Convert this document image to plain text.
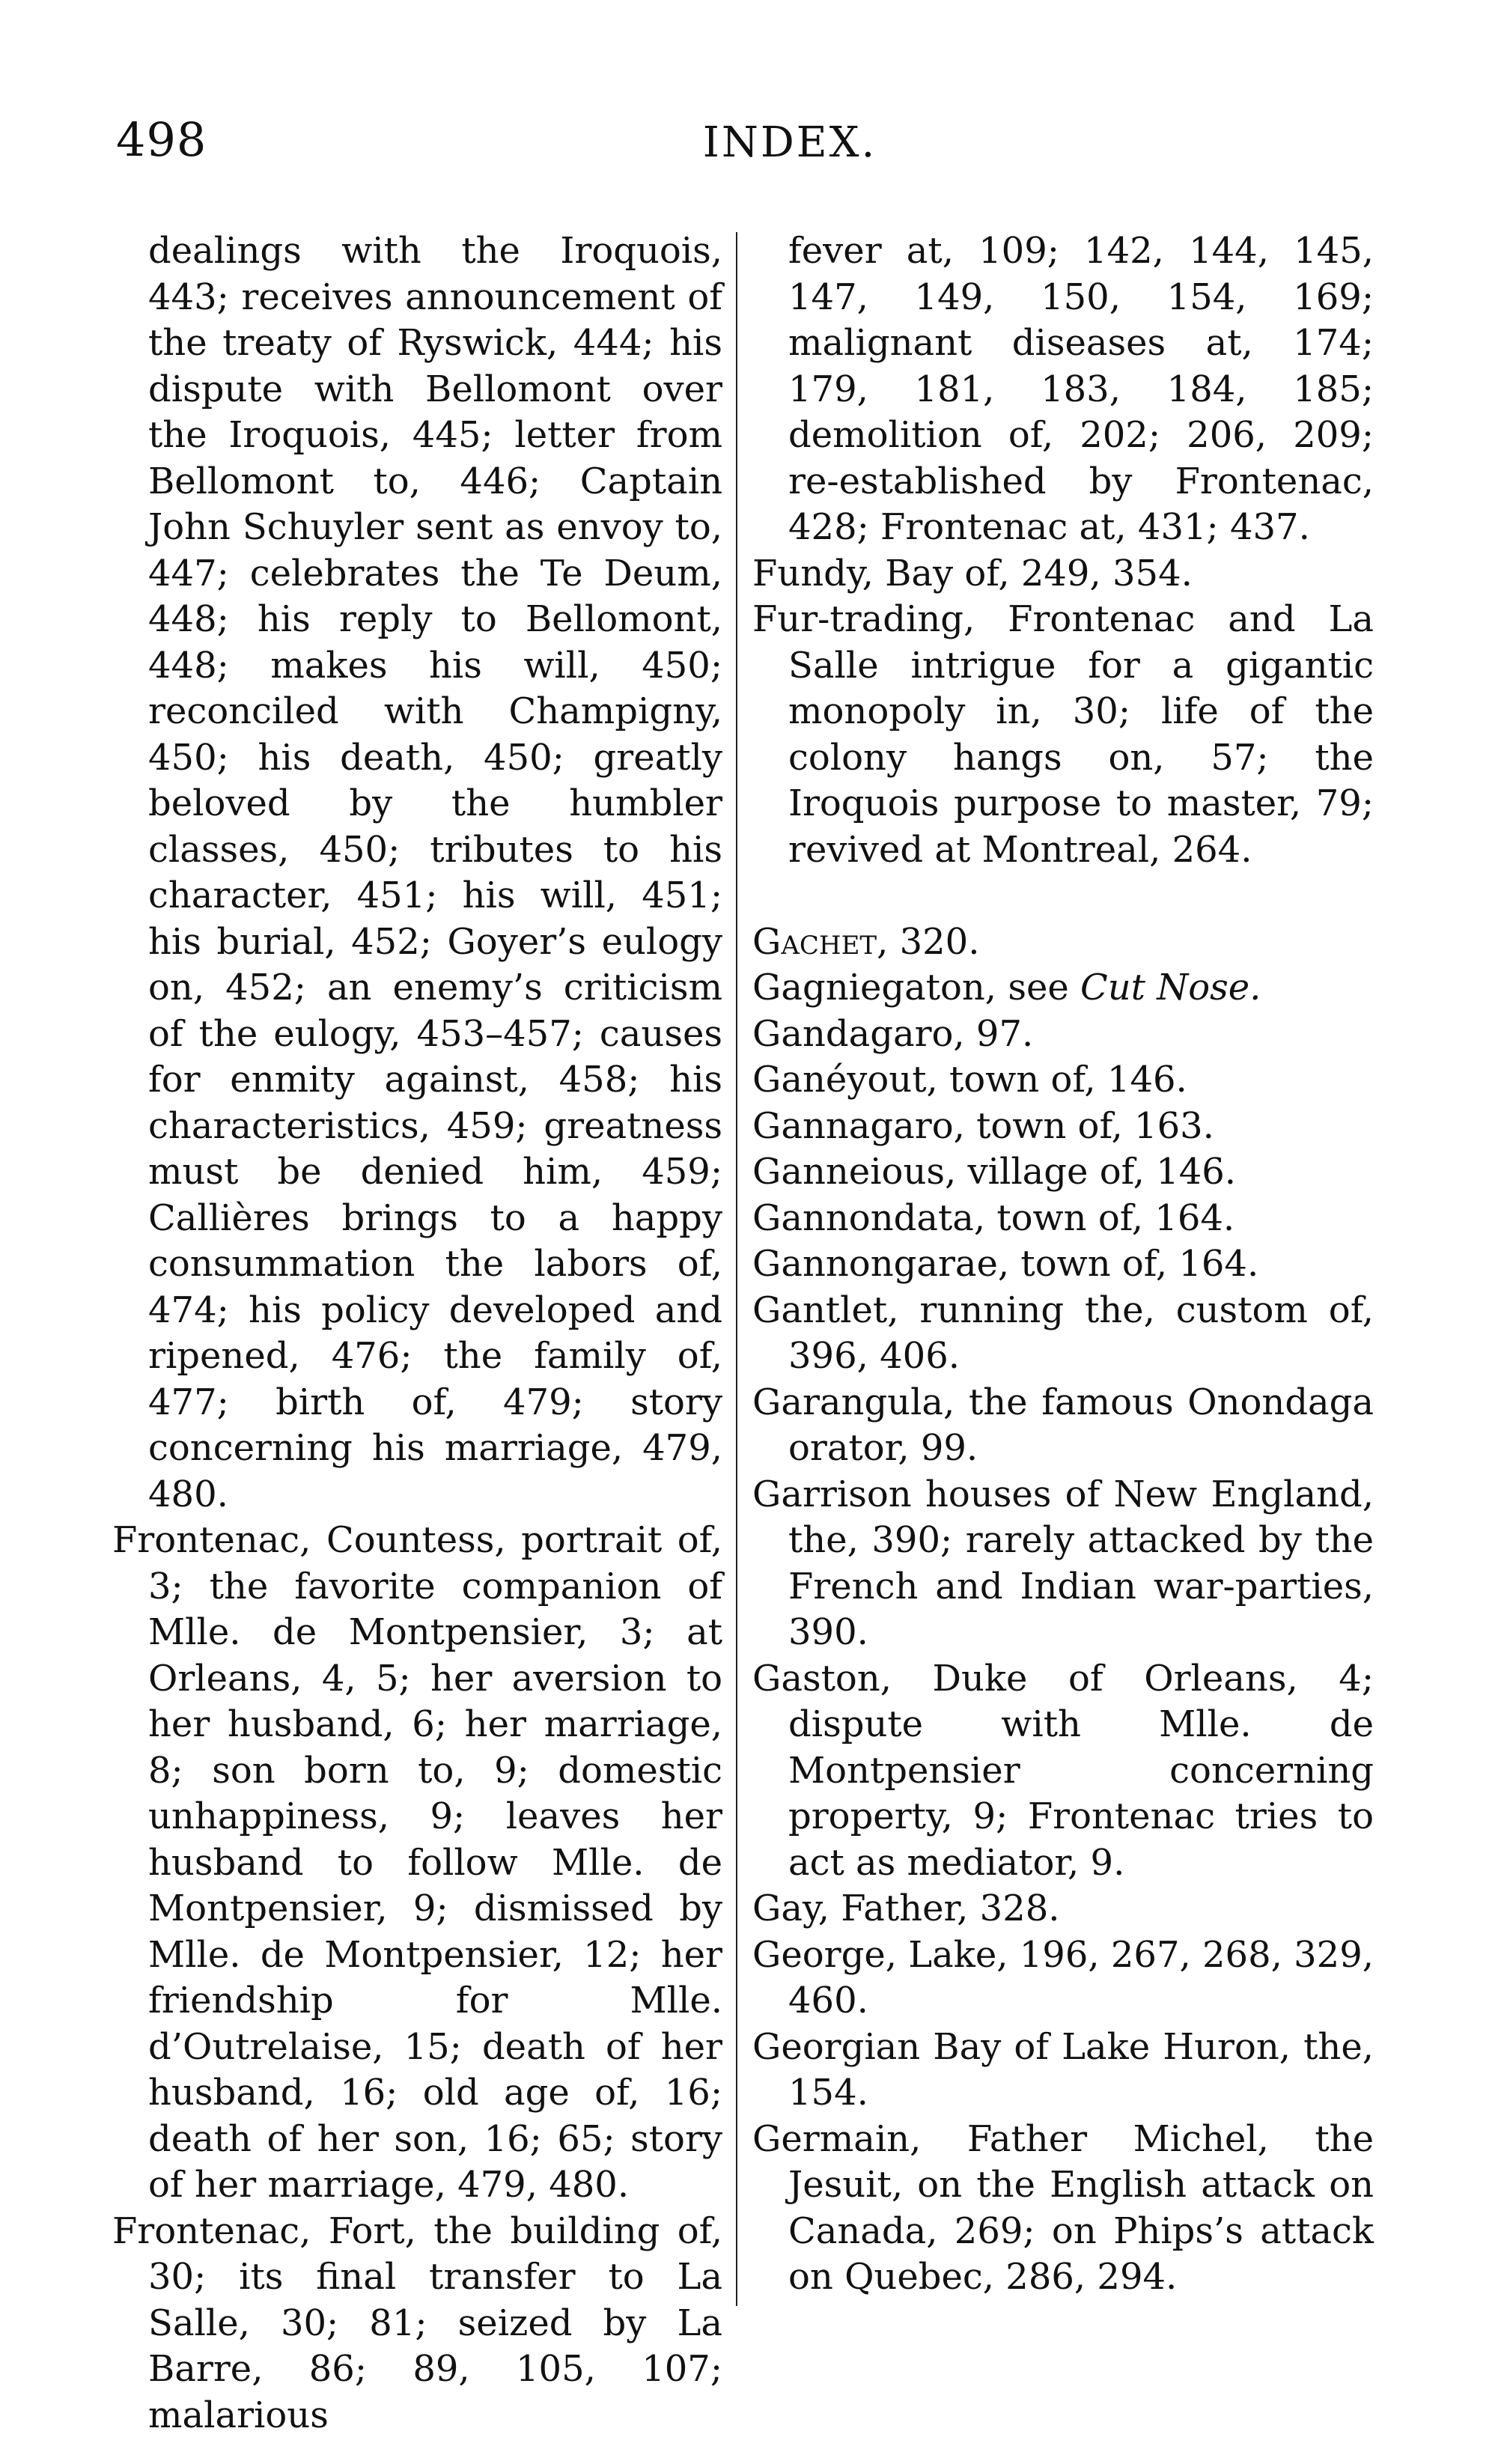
498	INDEX.

dealings with the Iroquois, 443; receives announcement of the treaty of Ryswick, 444; his dispute with Bellomont over the Iroquois, 445; letter from Bellomont to, 446; Captain John Schuyler sent as envoy to, 447; celebrates the Te Deum, 448; his reply to Bellomont, 448; makes his will, 450; reconciled with Champigny, 450; his death, 450; greatly beloved by the humbler classes, 450; tributes to his character, 451; his will, 451; his burial, 452; Goyer’s eulogy on, 452; an enemy’s criticism of the eulogy, 453–457; causes for enmity against, 458; his characteristics, 459; greatness must be denied him, 459; Callières brings to a happy consummation the labors of, 474; his policy developed and ripened, 476; the family of, 477; birth of, 479; story concerning his marriage, 479, 480.

Frontenac, Countess, portrait of, 3; the favorite companion of Mlle. de Montpensier, 3; at Orleans, 4, 5; her aversion to her husband, 6; her marriage, 8; son born to, 9; domestic unhappiness, 9; leaves her husband to follow Mlle. de Montpensier, 9; dismissed by Mlle. de Montpensier, 12; her friendship for Mlle. d’Outrelaise, 15; death of her husband, 16; old age of, 16; death of her son, 16; 65; story of her marriage, 479, 480.

Frontenac, Fort, the building of, 30; its final transfer to La Salle, 30; 81; seized by La Barre, 86; 89, 105, 107; malarious

fever at, 109; 142, 144, 145, 147, 149, 150, 154, 169; malignant diseases at, 174; 179, 181, 183, 184, 185; demolition of, 202; 206, 209; re-established by Frontenac, 428; Frontenac at, 431; 437.

Fundy, Bay of, 249, 354.

Fur-trading, Frontenac and La Salle intrigue for a gigantic monopoly in, 30; life of the colony hangs on, 57; the Iroquois purpose to master, 79; revived at Montreal, 264.

Gachet, 320.

Gagniegaton, see Cut Nose.

Gandagaro, 97.

Ganéyout, town of, 146.

Gannagaro, town of, 163.

Ganneious, village of, 146.

Gannondata, town of, 164.

Gannongarae, town of, 164.

Gantlet, running the, custom of, 396, 406.

Garangula, the famous Onondaga orator, 99.

Garrison houses of New England, the, 390; rarely attacked by the French and Indian war-parties, 390.

Gaston, Duke of Orleans, 4; dispute with Mlle. de Montpensier concerning property, 9; Frontenac tries to act as mediator, 9.

Gay, Father, 328.

George, Lake, 196, 267, 268, 329, 460.

Georgian Bay of Lake Huron, the, 154.

Germain, Father Michel, the Jesuit, on the English attack on Canada, 269; on Phips’s attack on Quebec, 286, 294.
